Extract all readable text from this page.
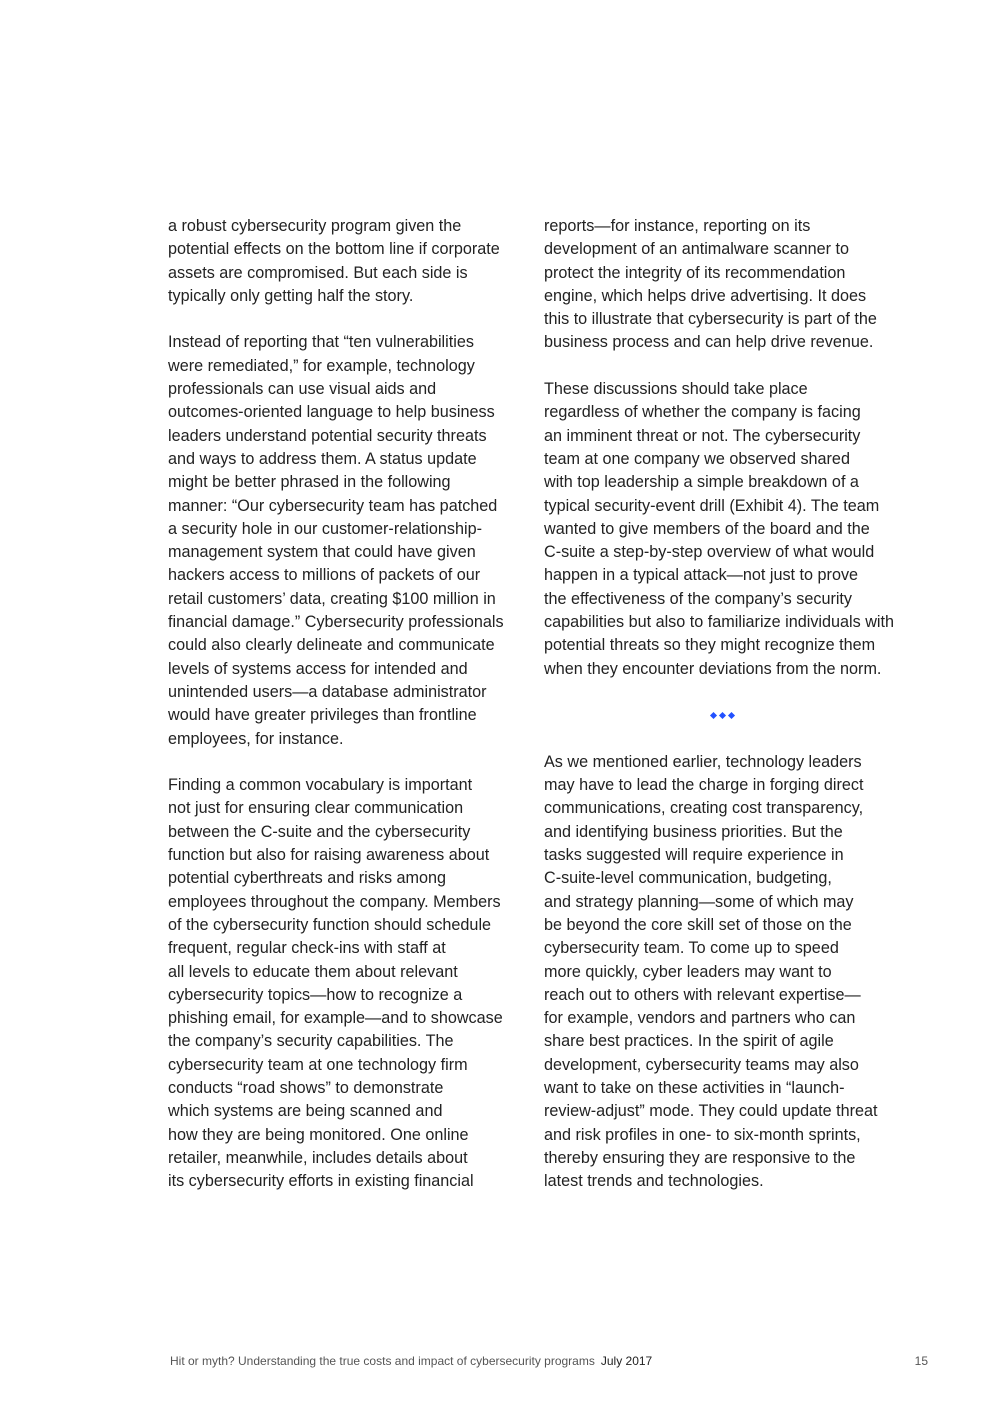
a robust cybersecurity program given the
potential effects on the bottom line if corporate
assets are compromised. But each side is
typically only getting half the story.

Instead of reporting that “ten vulnerabilities
were remediated,” for example, technology
professionals can use visual aids and
outcomes-oriented language to help business
leaders understand potential security threats
and ways to address them. A status update
might be better phrased in the following
manner: “Our cybersecurity team has patched
a security hole in our customer-relationship-
management system that could have given
hackers access to millions of packets of our
retail customers’ data, creating $100 million in
financial damage.” Cybersecurity professionals
could also clearly delineate and communicate
levels of systems access for intended and
unintended users—a database administrator
would have greater privileges than frontline
employees, for instance.

Finding a common vocabulary is important
not just for ensuring clear communication
between the C-suite and the cybersecurity
function but also for raising awareness about
potential cyberthreats and risks among
employees throughout the company. Members
of the cybersecurity function should schedule
frequent, regular check-ins with staff at
all levels to educate them about relevant
cybersecurity topics—how to recognize a
phishing email, for example—and to showcase
the company’s security capabilities. The
cybersecurity team at one technology firm
conducts “road shows” to demonstrate
which systems are being scanned and
how they are being monitored. One online
retailer, meanwhile, includes details about
its cybersecurity efforts in existing financial

reports—for instance, reporting on its
development of an antimalware scanner to
protect the integrity of its recommendation
engine, which helps drive advertising. It does
this to illustrate that cybersecurity is part of the
business process and can help drive revenue.

These discussions should take place
regardless of whether the company is facing
an imminent threat or not. The cybersecurity
team at one company we observed shared
with top leadership a simple breakdown of a
typical security-event drill (Exhibit 4). The team
wanted to give members of the board and the
C-suite a step-by-step overview of what would
happen in a typical attack—not just to prove
the effectiveness of the company’s security
capabilities but also to familiarize individuals with
potential threats so they might recognize them
when they encounter deviations from the norm.

As we mentioned earlier, technology leaders
may have to lead the charge in forging direct
communications, creating cost transparency,
and identifying business priorities. But the
tasks suggested will require experience in
C-suite-level communication, budgeting,
and strategy planning—some of which may
be beyond the core skill set of those on the
cybersecurity team. To come up to speed
more quickly, cyber leaders may want to
reach out to others with relevant expertise—
for example, vendors and partners who can
share best practices. In the spirit of agile
development, cybersecurity teams may also
want to take on these activities in “launch-
review-adjust” mode. They could update threat
and risk profiles in one- to six-month sprints,
thereby ensuring they are responsive to the
latest trends and technologies.

Hit or myth? Understanding the true costs and impact of cybersecurity programs July 2017	15
